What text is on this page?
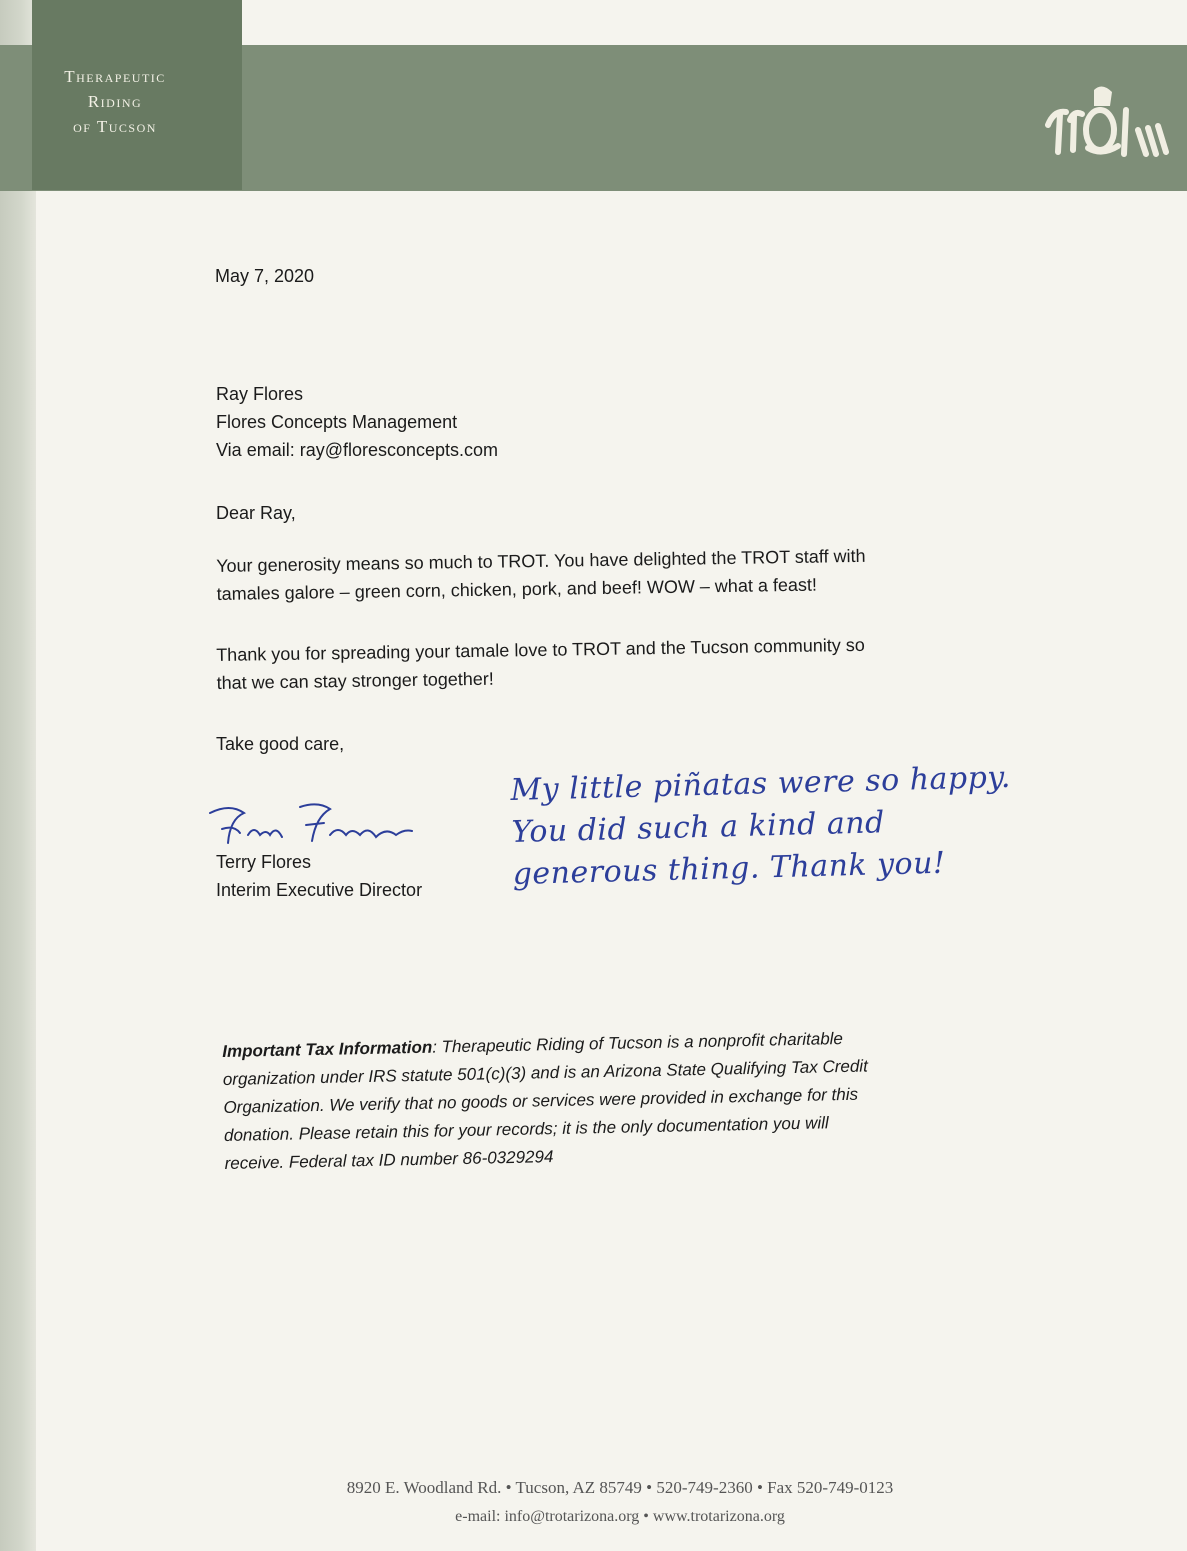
Therapeutic
Riding
of Tucson
May 7, 2020
Ray Flores
Flores Concepts Management
Via email: ray@floresconcepts.com
Dear Ray,
Your generosity means so much to TROT. You have delighted the TROT staff with
tamales galore – green corn, chicken, pork, and beef! WOW – what a feast!
Thank you for spreading your tamale love to TROT and the Tucson community so
that we can stay stronger together!
Take good care,
Terry Flores
Interim Executive Director
My little piñatas were so happy.
You did such a kind and
generous thing. Thank you!
Important Tax Information: Therapeutic Riding of Tucson is a nonprofit charitable
organization under IRS statute 501(c)(3) and is an Arizona State Qualifying Tax Credit
Organization. We verify that no goods or services were provided in exchange for this
donation. Please retain this for your records; it is the only documentation you will
receive. Federal tax ID number 86-0329294
8920 E. Woodland Rd. • Tucson, AZ 85749 • 520-749-2360 • Fax 520-749-0123
e-mail: info@trotarizona.org • www.trotarizona.org
